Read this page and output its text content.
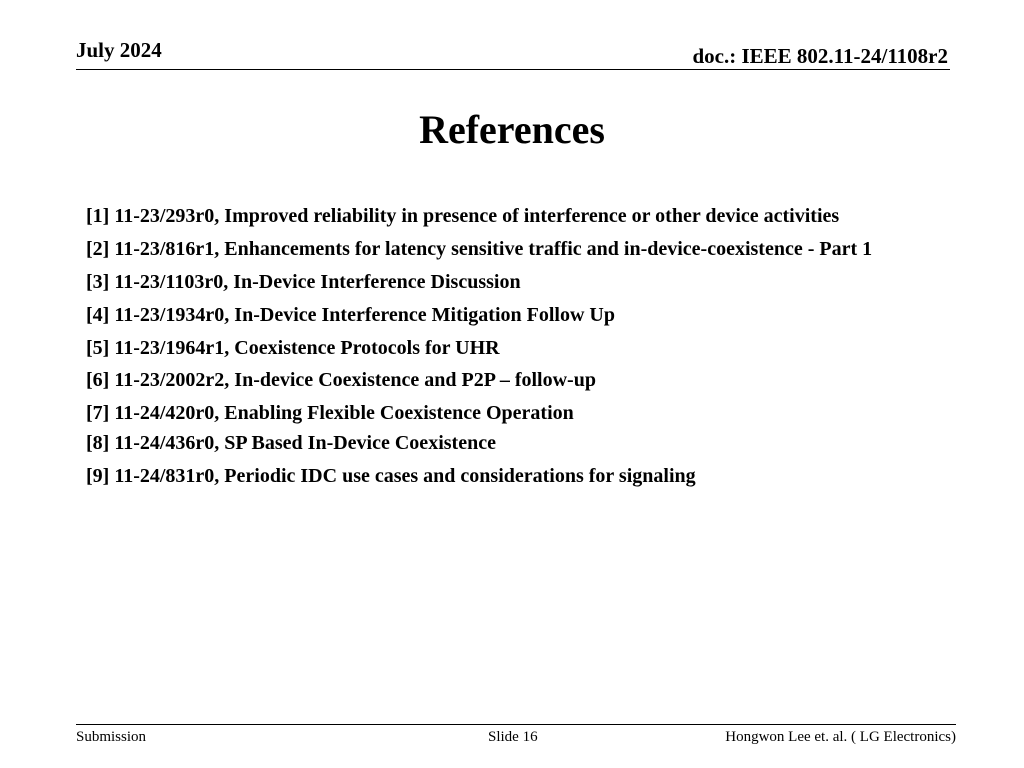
July 2024	doc.: IEEE 802.11-24/1108r2
References
[1] 11-23/293r0, Improved reliability in presence of interference or other device activities
[2] 11-23/816r1, Enhancements for latency sensitive traffic and in-device-coexistence - Part 1
[3] 11-23/1103r0, In-Device Interference Discussion
[4] 11-23/1934r0, In-Device Interference Mitigation Follow Up
[5] 11-23/1964r1, Coexistence Protocols for UHR
[6] 11-23/2002r2, In-device Coexistence and P2P – follow-up
[7] 11-24/420r0, Enabling Flexible Coexistence Operation
[8] 11-24/436r0, SP Based In-Device Coexistence
[9] 11-24/831r0, Periodic IDC use cases and considerations for signaling
Submission	Slide 16	Hongwon Lee et. al. ( LG Electronics)
